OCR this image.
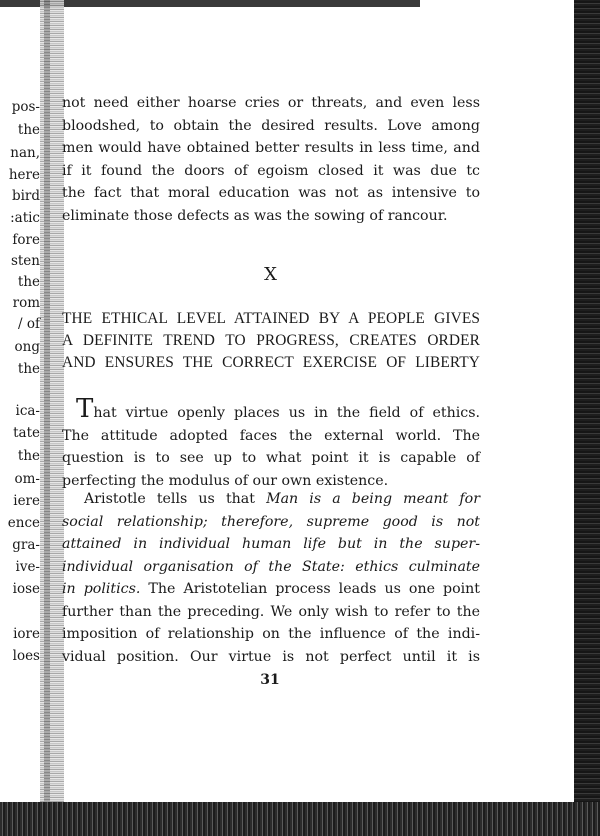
pos-
the
nan,
here
bird
:atic
fore
sten
the
rom
/ of
ong
the
ica-
tate
the
om-
iere
ence
gra-
ive-
iose
iore
loes

not need either hoarse cries or threats, and even less
bloodshed, to obtain the desired results. Love among
men would have obtained better results in less time, and
if it found the doors of egoism closed it was due tc
the fact that moral education was not as intensive to
eliminate those defects as was the sowing of rancour.

X
THE ETHICAL LEVEL ATTAINED BY A PEOPLE GIVES
A DEFINITE TREND TO PROGRESS, CREATES ORDER
AND ENSURES THE CORRECT EXERCISE OF LIBERTY

That virtue openly places us in the field of ethics.
The attitude adopted faces the external world. The
question is to see up to what point it is capable of
perfecting the modulus of our own existence.

Aristotle tells us that Man is a being meant for
social relationship; therefore, supreme good is not
attained in individual human life but in the super-
individual organisation of the State: ethics culminate
in politics. The Aristotelian process leads us one point
further than the preceding. We only wish to refer to the
imposition of relationship on the influence of the indi-
vidual position. Our virtue is not perfect until it is

31
